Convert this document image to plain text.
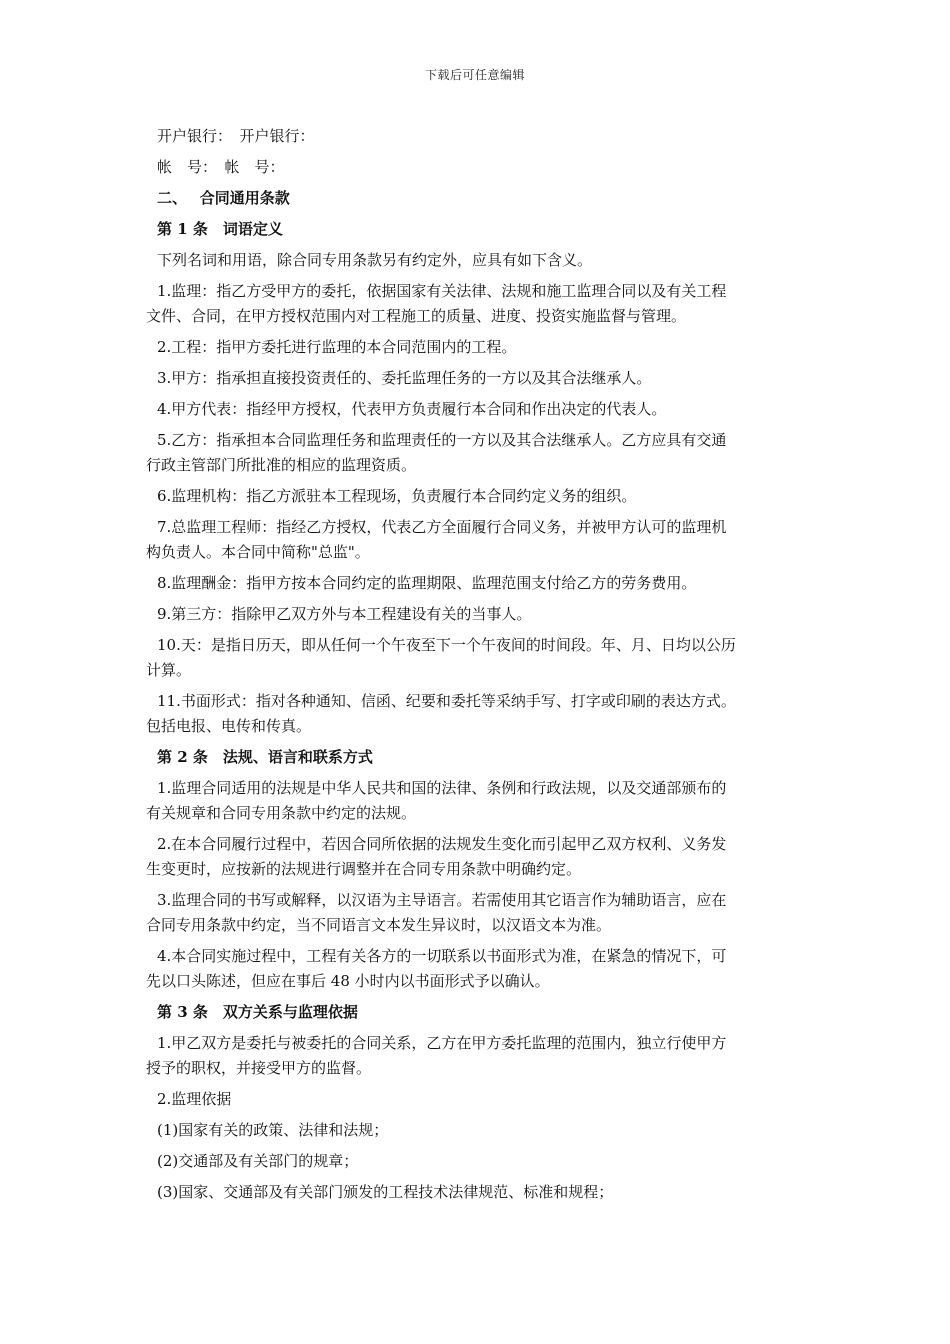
下载后可任意编辑

开户银行：　开户银行：

帐　号：　帐　号：

二、　 合同通用条款

第 1 条　词语定义

下列名词和用语，除合同专用条款另有约定外，应具有如下含义。

1.监理：指乙方受甲方的委托，依据国家有关法律、法规和施工监理合同以及有关工程
文件、合同，在甲方授权范围内对工程施工的质量、进度、投资实施监督与管理。

2.工程：指甲方委托进行监理的本合同范围内的工程。

3.甲方：指承担直接投资责任的、委托监理任务的一方以及其合法继承人。

4.甲方代表：指经甲方授权，代表甲方负责履行本合同和作出决定的代表人。

5.乙方：指承担本合同监理任务和监理责任的一方以及其合法继承人。乙方应具有交通
行政主管部门所批准的相应的监理资质。

6.监理机构：指乙方派驻本工程现场，负责履行本合同约定义务的组织。

7.总监理工程师：指经乙方授权，代表乙方全面履行合同义务，并被甲方认可的监理机
构负责人。本合同中简称"总监"。

8.监理酬金：指甲方按本合同约定的监理期限、监理范围支付给乙方的劳务费用。

9.第三方：指除甲乙双方外与本工程建设有关的当事人。

10.天：是指日历天，即从任何一个午夜至下一个午夜间的时间段。年、月、日均以公历
计算。

11.书面形式：指对各种通知、信函、纪要和委托等采纳手写、打字或印刷的表达方式。
包括电报、电传和传真。

第 2 条　法规、语言和联系方式

1.监理合同适用的法规是中华人民共和国的法律、条例和行政法规，以及交通部颁布的
有关规章和合同专用条款中约定的法规。

2.在本合同履行过程中，若因合同所依据的法规发生变化而引起甲乙双方权利、义务发
生变更时，应按新的法规进行调整并在合同专用条款中明确约定。

3.监理合同的书写或解释，以汉语为主导语言。若需使用其它语言作为辅助语言，应在
合同专用条款中约定，当不同语言文本发生异议时，以汉语文本为准。

4.本合同实施过程中，工程有关各方的一切联系以书面形式为准，在紧急的情况下，可
先以口头陈述，但应在事后 48 小时内以书面形式予以确认。

第 3 条　双方关系与监理依据

1.甲乙双方是委托与被委托的合同关系，乙方在甲方委托监理的范围内，独立行使甲方
授予的职权，并接受甲方的监督。

2.监理依据

(1)国家有关的政策、法律和法规；

(2)交通部及有关部门的规章；

(3)国家、交通部及有关部门颁发的工程技术法律规范、标准和规程；
